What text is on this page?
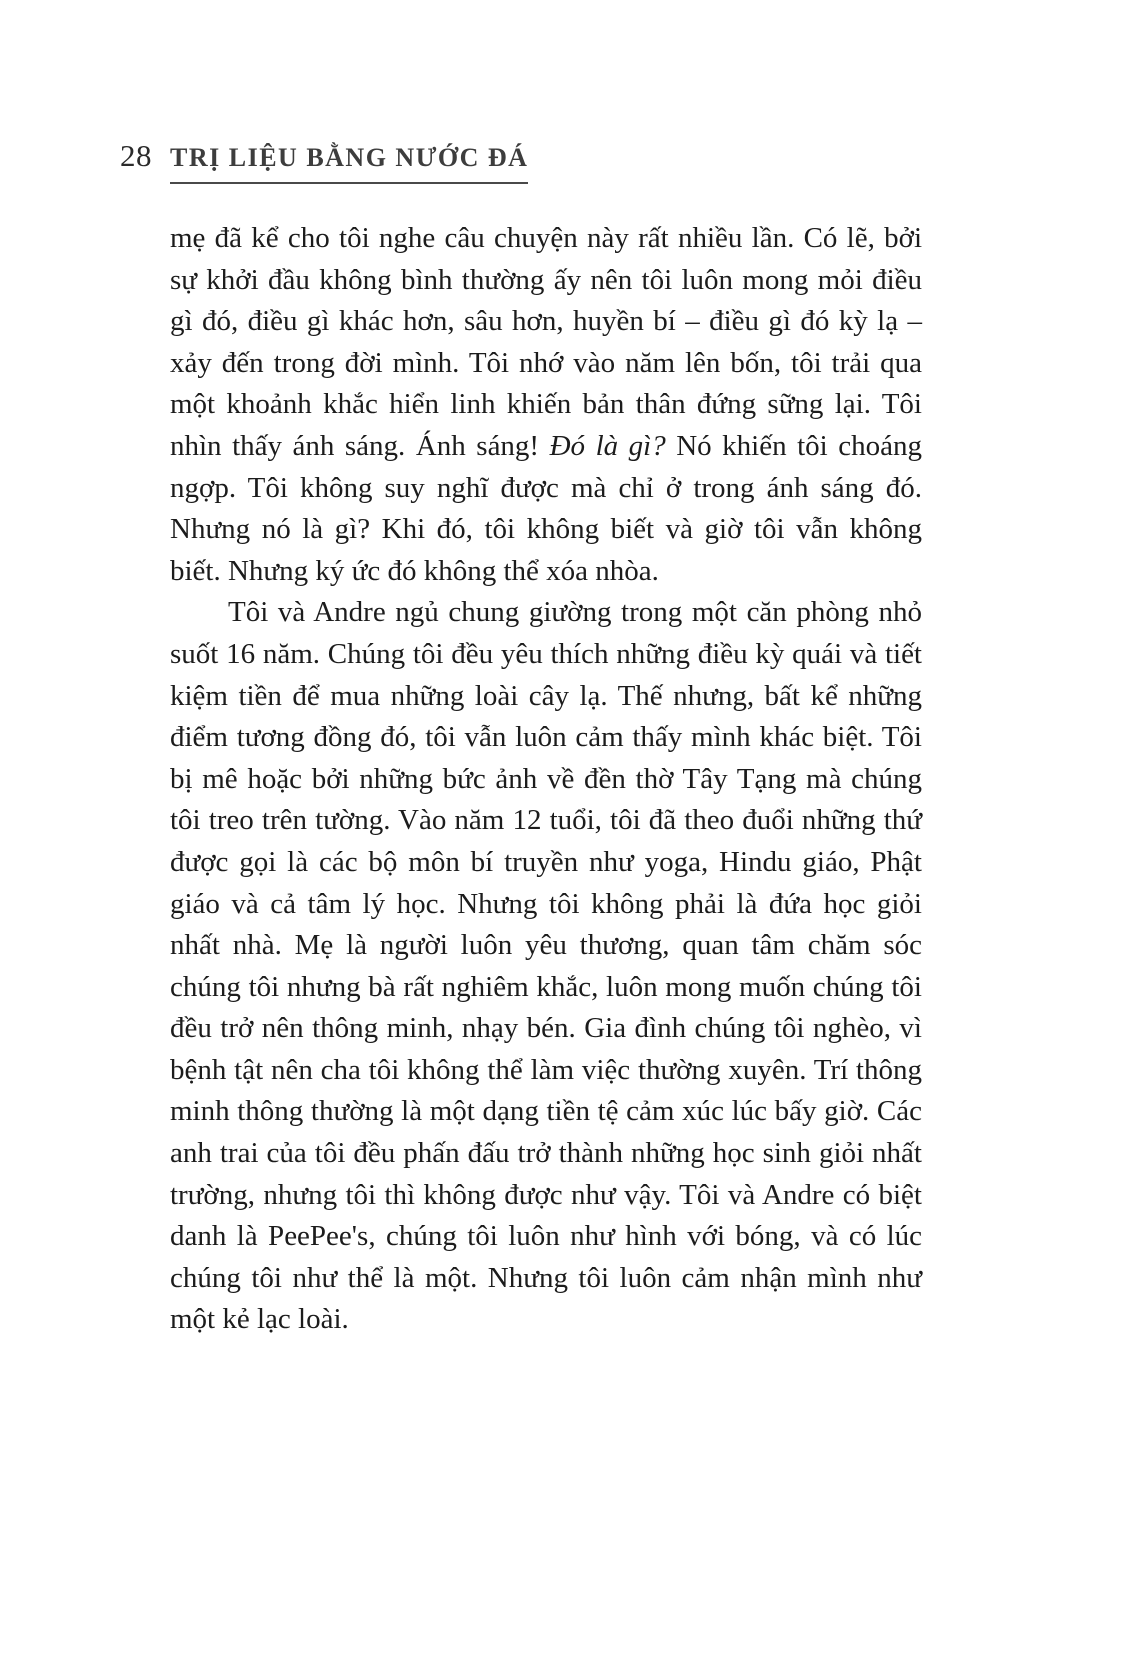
28 TRỊ LIỆU BẰNG NƯỚC ĐÁ

mẹ đã kể cho tôi nghe câu chuyện này rất nhiều lần. Có lẽ, bởi sự khởi đầu không bình thường ấy nên tôi luôn mong mỏi điều gì đó, điều gì khác hơn, sâu hơn, huyền bí – điều gì đó kỳ lạ – xảy đến trong đời mình. Tôi nhớ vào năm lên bốn, tôi trải qua một khoảnh khắc hiển linh khiến bản thân đứng sững lại. Tôi nhìn thấy ánh sáng. Ánh sáng! Đó là gì? Nó khiến tôi choáng ngợp. Tôi không suy nghĩ được mà chỉ ở trong ánh sáng đó. Nhưng nó là gì? Khi đó, tôi không biết và giờ tôi vẫn không biết. Nhưng ký ức đó không thể xóa nhòa.

Tôi và Andre ngủ chung giường trong một căn phòng nhỏ suốt 16 năm. Chúng tôi đều yêu thích những điều kỳ quái và tiết kiệm tiền để mua những loài cây lạ. Thế nhưng, bất kể những điểm tương đồng đó, tôi vẫn luôn cảm thấy mình khác biệt. Tôi bị mê hoặc bởi những bức ảnh về đền thờ Tây Tạng mà chúng tôi treo trên tường. Vào năm 12 tuổi, tôi đã theo đuổi những thứ được gọi là các bộ môn bí truyền như yoga, Hindu giáo, Phật giáo và cả tâm lý học. Nhưng tôi không phải là đứa học giỏi nhất nhà. Mẹ là người luôn yêu thương, quan tâm chăm sóc chúng tôi nhưng bà rất nghiêm khắc, luôn mong muốn chúng tôi đều trở nên thông minh, nhạy bén. Gia đình chúng tôi nghèo, vì bệnh tật nên cha tôi không thể làm việc thường xuyên. Trí thông minh thông thường là một dạng tiền tệ cảm xúc lúc bấy giờ. Các anh trai của tôi đều phấn đấu trở thành những học sinh giỏi nhất trường, nhưng tôi thì không được như vậy. Tôi và Andre có biệt danh là PeePee's, chúng tôi luôn như hình với bóng, và có lúc chúng tôi như thể là một. Nhưng tôi luôn cảm nhận mình như một kẻ lạc loài.
